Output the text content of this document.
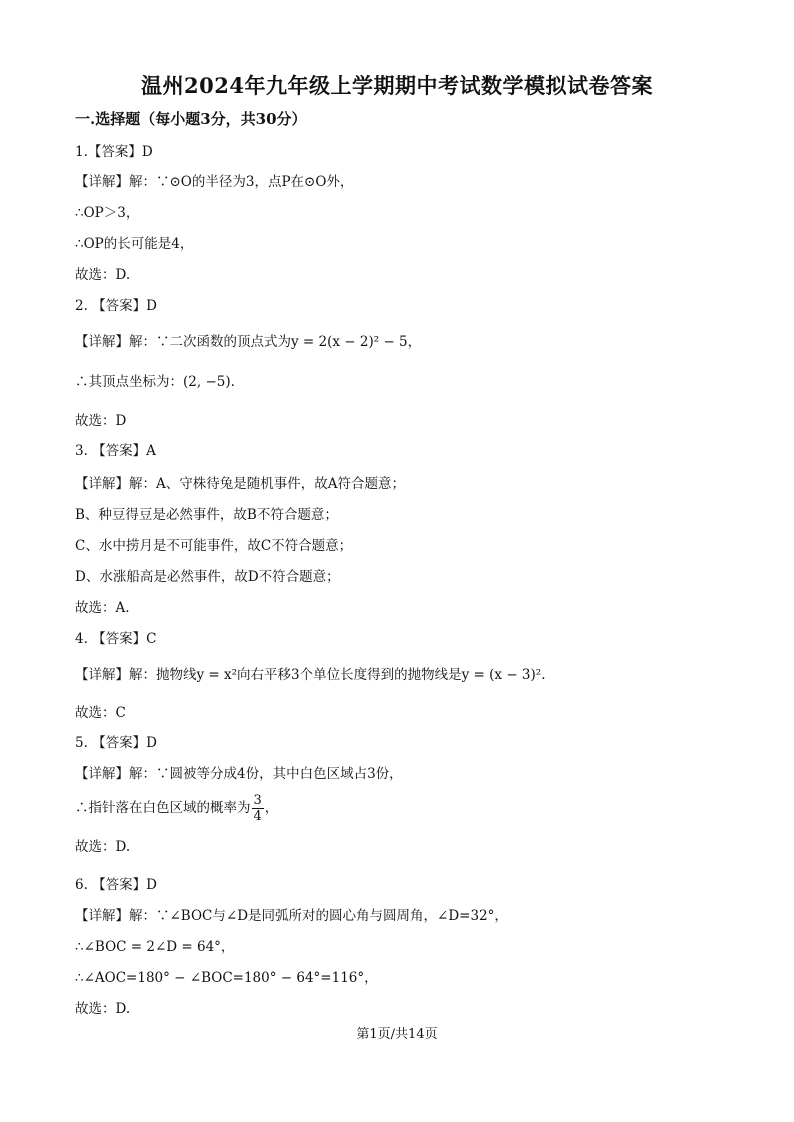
温州2024年九年级上学期期中考试数学模拟试卷答案
一.选择题（每小题3分，共30分）
1.【答案】D
【详解】解：∵⊙O的半径为3，点P在⊙O外，
∴OP＞3，
∴OP的长可能是4，
故选：D.
2. 【答案】D
【详解】解：∵二次函数的顶点式为y = 2(x − 2)² − 5，
∴其顶点坐标为：(2, −5).
故选：D
3. 【答案】A
【详解】解：A、守株待兔是随机事件，故A符合题意；
B、种豆得豆是必然事件，故B不符合题意；
C、水中捞月是不可能事件，故C不符合题意；
D、水涨船高是必然事件，故D不符合题意；
故选：A.
4. 【答案】C
【详解】解：抛物线y = x²向右平移3个单位长度得到的抛物线是y = (x − 3)².
故选：C
5. 【答案】D
【详解】解：∵圆被等分成4份，其中白色区域占3份，
∴指针落在白色区域的概率为 $\frac{3}{4}$ ，
故选：D.
6. 【答案】D
【详解】解：∵∠BOC与∠D是同弧所对的圆心角与圆周角，∠D=32°，
∴∠BOC = 2∠D = 64°，
∴∠AOC=180° − ∠BOC=180° − 64°=116°，
故选：D.
第1页/共14页
